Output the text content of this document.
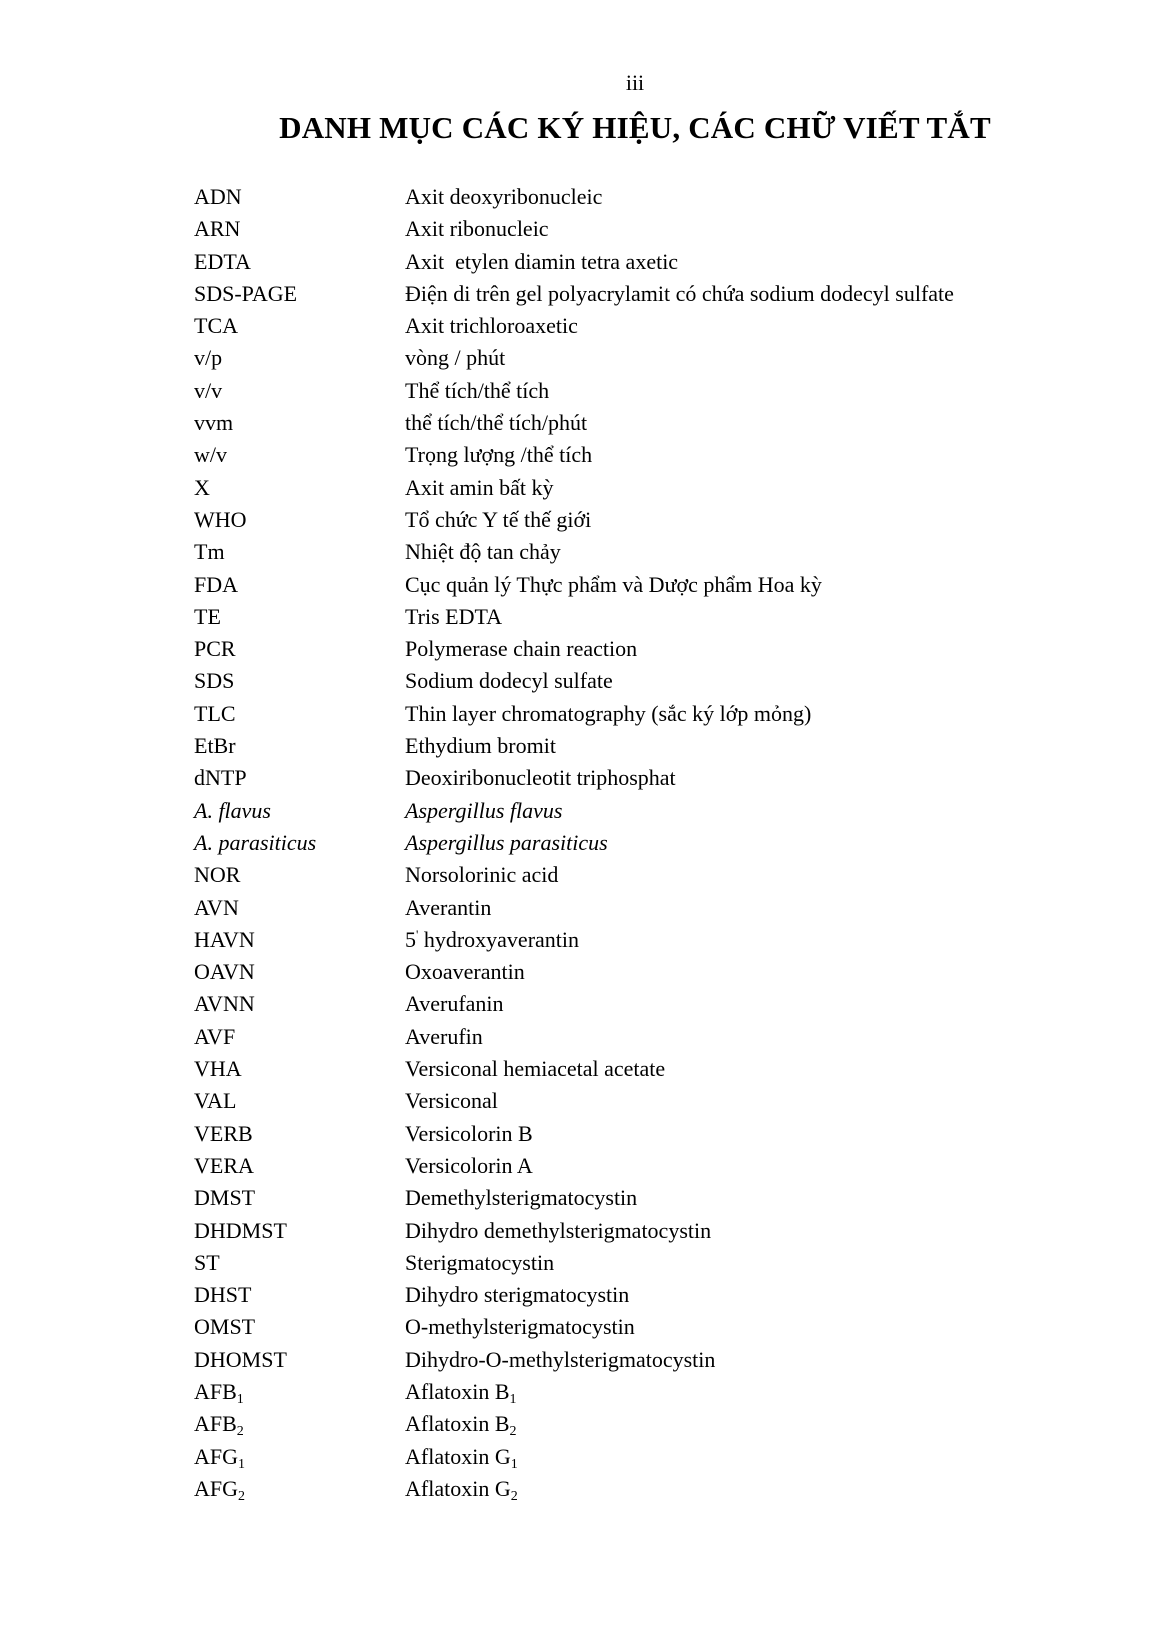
iii
DANH MỤC CÁC KÝ HIỆU, CÁC CHỮ VIẾT TẮT
ADN	Axit deoxyribonucleic
ARN	Axit ribonucleic
EDTA	Axit  etylen diamin tetra axetic
SDS-PAGE	Điện di trên gel polyacrylamit có chứa sodium dodecyl sulfate
TCA	Axit trichloroaxetic
v/p	vòng / phút
v/v	Thể tích/thể tích
vvm	thể tích/thể tích/phút
w/v	Trọng lượng /thể tích
X	Axit amin bất kỳ
WHO	Tổ chức Y tế thế giới
Tm	Nhiệt độ tan chảy
FDA	Cục quản lý Thực phẩm và Dược phẩm Hoa kỳ
TE	Tris EDTA
PCR	Polymerase chain reaction
SDS	Sodium dodecyl sulfate
TLC	Thin layer chromatography (sắc ký lớp mỏng)
EtBr	Ethydium bromit
dNTP	Deoxiribonucleotit triphosphat
A. flavus	Aspergillus flavus
A. parasiticus	Aspergillus parasiticus
NOR	Norsolorinic acid
AVN	Averantin
HAVN	5' hydroxyaverantin
OAVN	Oxoaverantin
AVNN	Averufanin
AVF	Averufin
VHA	Versiconal hemiacetal acetate
VAL	Versiconal
VERB	Versicolorin B
VERA	Versicolorin A
DMST	Demethylsterigmatocystin
DHDMST	Dihydro demethylsterigmatocystin
ST	Sterigmatocystin
DHST	Dihydro sterigmatocystin
OMST	O-methylsterigmatocystin
DHOMST	Dihydro-O-methylsterigmatocystin
$AFB_1$	Aflatoxin $B_1$
$AFB_2$	Aflatoxin $B_2$
$AFG_1$	Aflatoxin $G_1$
$AFG_2$	Aflatoxin $G_2$
